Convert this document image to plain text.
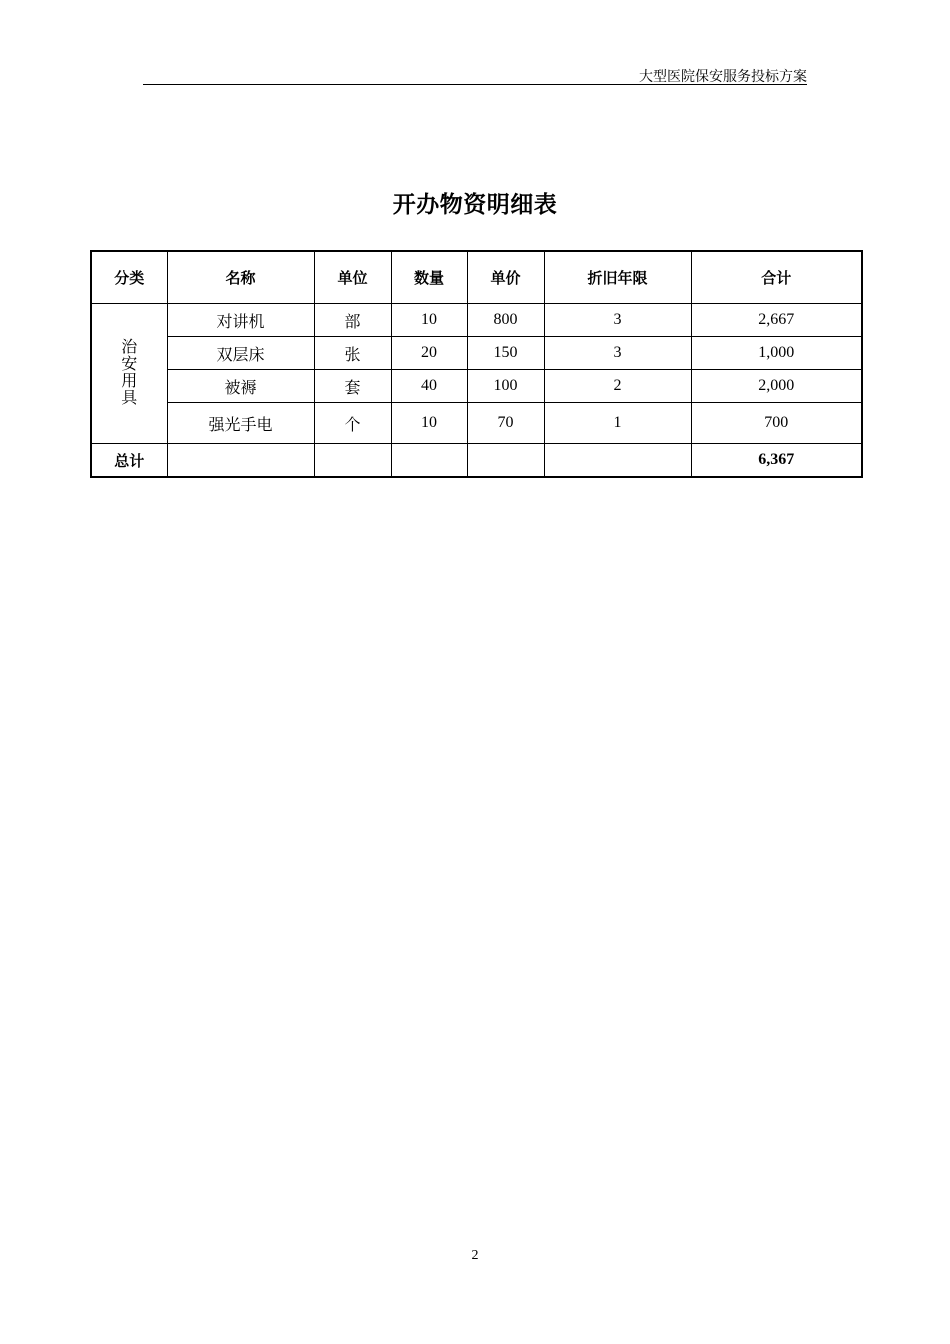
大型医院保安服务投标方案
开办物资明细表
分类	名称	单位	数量	单价	折旧年限	合计
治安用具	对讲机	部	10	800	3	2,667
	双层床	张	20	150	3	1,000
	被褥	套	40	100	2	2,000
	强光手电	个	10	70	1	700
总计						6,367
2
